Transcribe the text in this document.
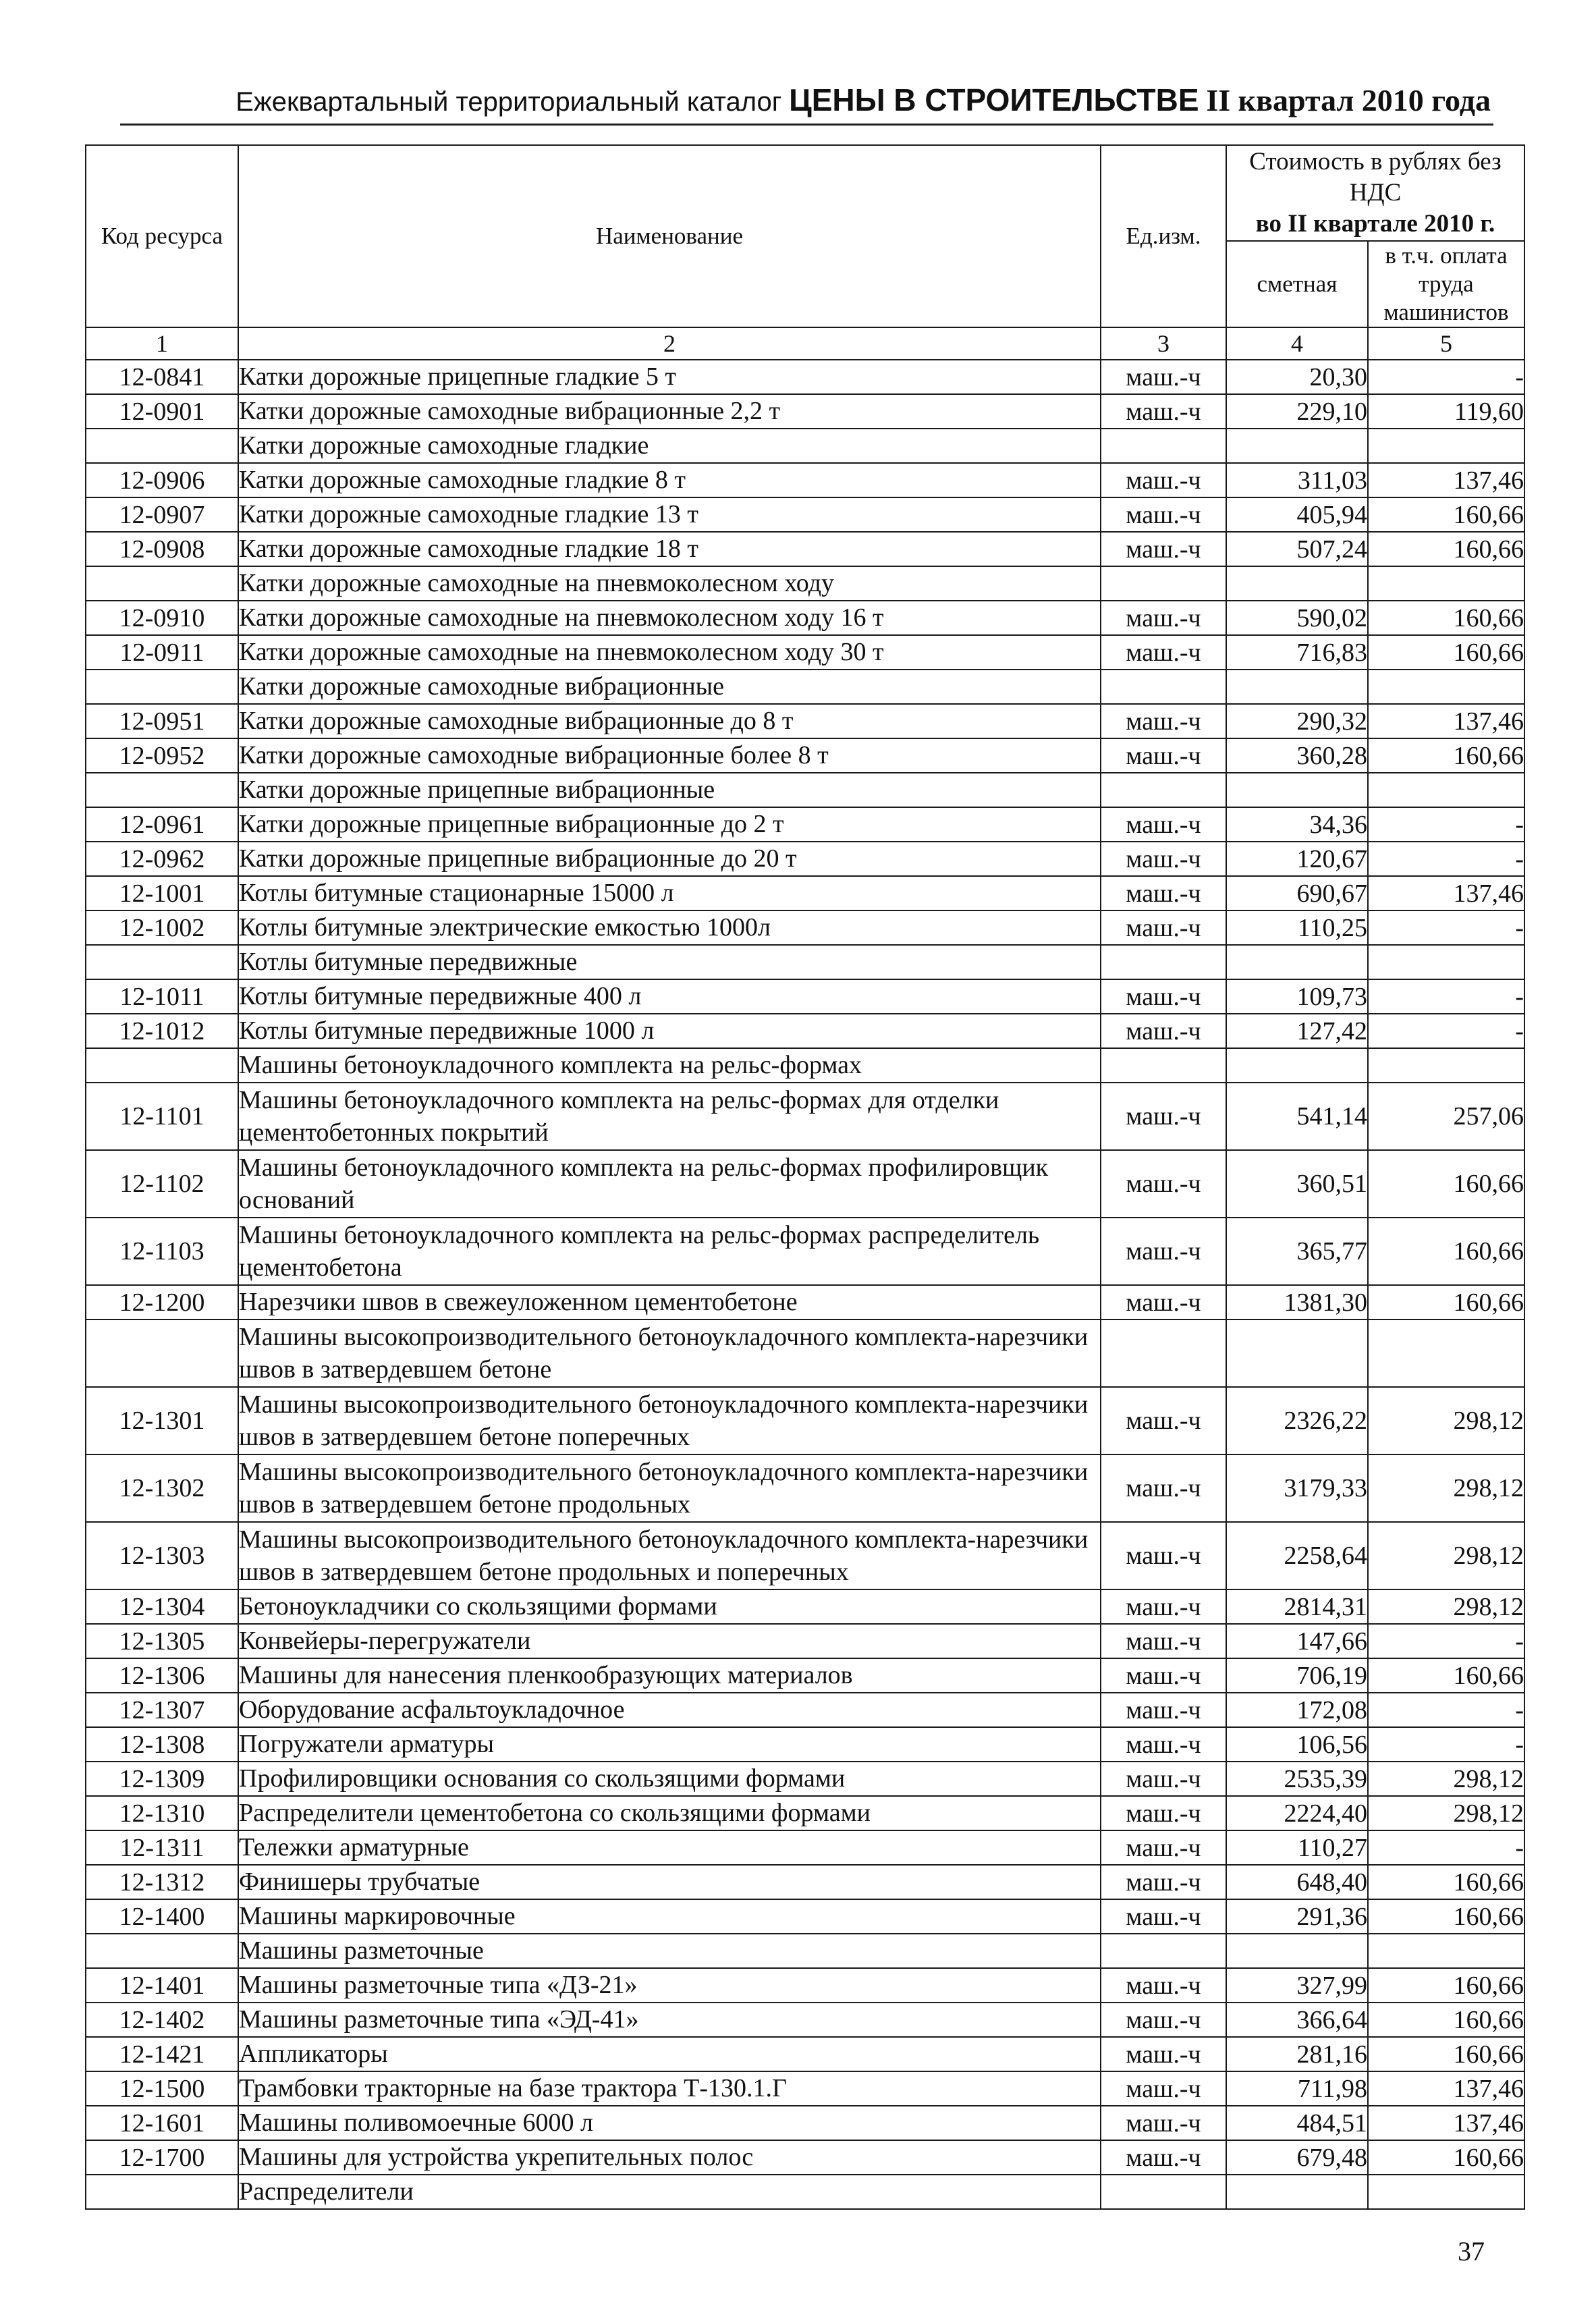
Ежеквартальный территориальный каталог ЦЕНЫ В СТРОИТЕЛЬСТВЕ II квартал 2010 года
Код ресурса	Наименование	Ед.изм.	Стоимость в рублях без НДС
во II квартале 2010 г.	

			сметная	в т.ч. оплата труда машинистов
1	2	3	4	5
12-0841	Катки дорожные прицепные гладкие 5 т	маш.-ч	20,30	-
12-0901	Катки дорожные самоходные вибрационные 2,2 т	маш.-ч	229,10	119,60
	Катки дорожные самоходные гладкие			
12-0906	Катки дорожные самоходные гладкие 8 т	маш.-ч	311,03	137,46
12-0907	Катки дорожные самоходные гладкие 13 т	маш.-ч	405,94	160,66
12-0908	Катки дорожные самоходные гладкие 18 т	маш.-ч	507,24	160,66
	Катки дорожные самоходные на пневмоколесном ходу			
12-0910	Катки дорожные самоходные на пневмоколесном ходу 16 т	маш.-ч	590,02	160,66
12-0911	Катки дорожные самоходные на пневмоколесном ходу 30 т	маш.-ч	716,83	160,66
	Катки дорожные самоходные вибрационные			
12-0951	Катки дорожные самоходные вибрационные до 8 т	маш.-ч	290,32	137,46
12-0952	Катки дорожные самоходные вибрационные более 8 т	маш.-ч	360,28	160,66
	Катки дорожные прицепные вибрационные			
12-0961	Катки дорожные прицепные вибрационные до 2 т	маш.-ч	34,36	-
12-0962	Катки дорожные прицепные вибрационные до 20 т	маш.-ч	120,67	-
12-1001	Котлы битумные стационарные 15000 л	маш.-ч	690,67	137,46
12-1002	Котлы битумные электрические емкостью 1000л	маш.-ч	110,25	-
	Котлы битумные передвижные			
12-1011	Котлы битумные передвижные 400 л	маш.-ч	109,73	-
12-1012	Котлы битумные передвижные 1000 л	маш.-ч	127,42	-
	Машины бетоноукладочного комплекта на рельс-формах			
12-1101	Машины бетоноукладочного комплекта на рельс-формах для отделки цементобетонных покрытий	маш.-ч	541,14	257,06
12-1102	Машины бетоноукладочного комплекта на рельс-формах профилировщик оснований	маш.-ч	360,51	160,66
12-1103	Машины бетоноукладочного комплекта на рельс-формах распределитель цементобетона	маш.-ч	365,77	160,66
12-1200	Нарезчики швов в свежеуложенном цементобетоне	маш.-ч	1381,30	160,66
	Машины высокопроизводительного бетоноукладочного комплекта-нарезчики швов в затвердевшем бетоне			
12-1301	Машины высокопроизводительного бетоноукладочного комплекта-нарезчики швов в затвердевшем бетоне поперечных	маш.-ч	2326,22	298,12
12-1302	Машины высокопроизводительного бетоноукладочного комплекта-нарезчики швов в затвердевшем бетоне продольных	маш.-ч	3179,33	298,12
12-1303	Машины высокопроизводительного бетоноукладочного комплекта-нарезчики швов в затвердевшем бетоне продольных и поперечных	маш.-ч	2258,64	298,12
12-1304	Бетоноукладчики со скользящими формами	маш.-ч	2814,31	298,12
12-1305	Конвейеры-перегружатели	маш.-ч	147,66	-
12-1306	Машины для нанесения пленкообразующих материалов	маш.-ч	706,19	160,66
12-1307	Оборудование асфальтоукладочное	маш.-ч	172,08	-
12-1308	Погружатели арматуры	маш.-ч	106,56	-
12-1309	Профилировщики основания со скользящими формами	маш.-ч	2535,39	298,12
12-1310	Распределители цементобетона со скользящими формами	маш.-ч	2224,40	298,12
12-1311	Тележки арматурные	маш.-ч	110,27	-
12-1312	Финишеры трубчатые	маш.-ч	648,40	160,66
12-1400	Машины маркировочные	маш.-ч	291,36	160,66
	Машины разметочные			
12-1401	Машины разметочные типа «ДЗ-21»	маш.-ч	327,99	160,66
12-1402	Машины разметочные типа «ЭД-41»	маш.-ч	366,64	160,66
12-1421	Аппликаторы	маш.-ч	281,16	160,66
12-1500	Трамбовки тракторные на базе трактора Т-130.1.Г	маш.-ч	711,98	137,46
12-1601	Машины поливомоечные 6000 л	маш.-ч	484,51	137,46
12-1700	Машины для устройства укрепительных полос	маш.-ч	679,48	160,66
	Распределители			
37
